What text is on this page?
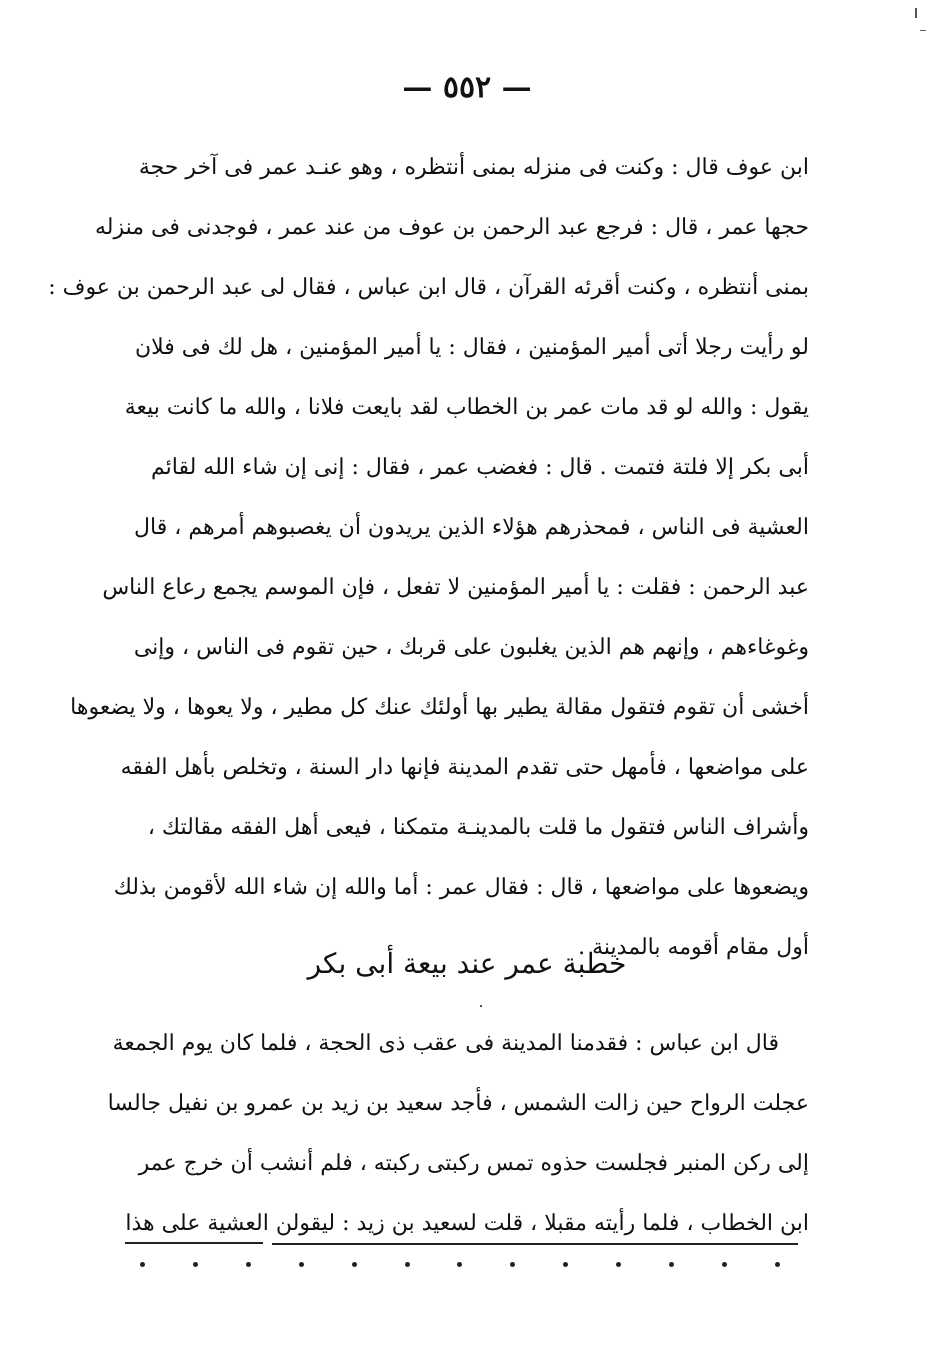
— ٥٥٢ —
ابن عوف قال : وكنت فى منزله بمنى أنتظره ، وهو عنـد عمر فى آخر حجة
حجها عمر ، قال : فرجع عبد الرحمن بن عوف من عند عمر ، فوجدنى فى منزله
بمنى أنتظره ، وكنت أقرئه القرآن ، قال ابن عباس ، فقال لى عبد الرحمن بن عوف :
لو رأيت رجلا أتى أمير المؤمنين ، فقال : يا أمير المؤمنين ، هل لك فى فلان
يقول : والله لو قد مات عمر بن الخطاب لقد بايعت فلانا ، والله ما كانت بيعة
أبى بكر إلا فلتة فتمت . قال : فغضب عمر ، فقال : إنى إن شاء الله لقائم
العشية فى الناس ، فمحذرهم هؤلاء الذين يريدون أن يغصبوهم أمرهم ، قال
عبد الرحمن : فقلت : يا أمير المؤمنين لا تفعل ، فإن الموسم يجمع رعاع الناس
وغوغاءهم ، وإنهم هم الذين يغلبون على قربك ، حين تقوم فى الناس ، وإنى
أخشى أن تقوم فتقول مقالة يطير بها أولئك عنك كل مطير ، ولا يعوها ، ولا يضعوها
على مواضعها ، فأمهل حتى تقدم المدينة فإنها دار السنة ، وتخلص بأهل الفقه
وأشراف الناس فتقول ما قلت بالمدينـة متمكنا ، فيعى أهل الفقه مقالتك ،
ويضعوها على مواضعها ، قال : فقال عمر : أما والله إن شاء الله لأقومن بذلك
أول مقام أقومه بالمدينة .
خطبة عمر عند بيعة أبى بكر
قال ابن عباس : فقدمنا المدينة فى عقب ذى الحجة ، فلما كان يوم الجمعة
عجلت الرواح حين زالت الشمس ، فأجد سعيد بن زيد بن عمرو بن نفيل جالسا
إلى ركن المنبر فجلست حذوه تمس ركبتى ركبته ، فلم أنشب أن خرج عمر
ابن الخطاب ، فلما رأيته مقبلا ، قلت لسعيد بن زيد : ليقولن العشية على هذا
